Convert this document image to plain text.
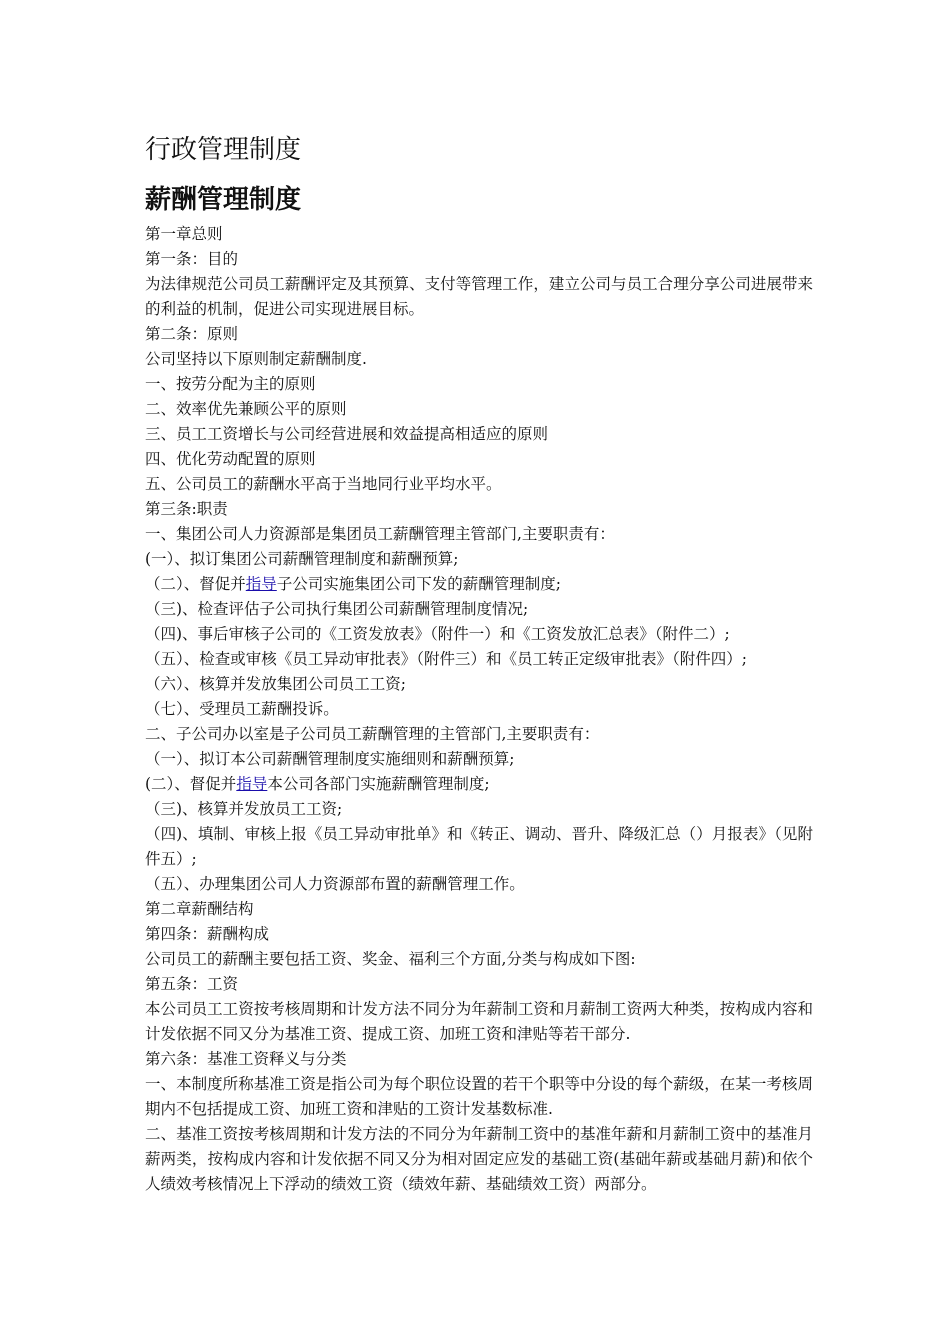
行政管理制度
薪酬管理制度

第一章总则

第一条：目的

为法律规范公司员工薪酬评定及其预算、支付等管理工作，建立公司与员工合理分享公司进展带来的利益的机制，促进公司实现进展目标。

第二条：原则

公司坚持以下原则制定薪酬制度.

一、按劳分配为主的原则

二、效率优先兼顾公平的原则

三、员工工资增长与公司经营进展和效益提高相适应的原则

四、优化劳动配置的原则

五、公司员工的薪酬水平高于当地同行业平均水平。

第三条:职责

一、集团公司人力资源部是集团员工薪酬管理主管部门,主要职责有：

(一）、拟订集团公司薪酬管理制度和薪酬预算;

（二）、督促并指导子公司实施集团公司下发的薪酬管理制度;

（三)、检查评估子公司执行集团公司薪酬管理制度情况;

（四)、事后审核子公司的《工资发放表》（附件一）和《工资发放汇总表》（附件二）;

（五）、检查或审核《员工异动审批表》（附件三）和《员工转正定级审批表》（附件四）;

（六）、核算并发放集团公司员工工资;

（七）、受理员工薪酬投诉。

二、子公司办以室是子公司员工薪酬管理的主管部门,主要职责有：

（一）、拟订本公司薪酬管理制度实施细则和薪酬预算;

(二）、督促并指导本公司各部门实施薪酬管理制度;

（三)、核算并发放员工工资;

（四)、填制、审核上报《员工异动审批单》和《转正、调动、晋升、降级汇总（）月报表》（见附件五）;

（五）、办理集团公司人力资源部布置的薪酬管理工作。

第二章薪酬结构

第四条：薪酬构成

公司员工的薪酬主要包括工资、奖金、福利三个方面,分类与构成如下图:

第五条：工资

本公司员工工资按考核周期和计发方法不同分为年薪制工资和月薪制工资两大种类，按构成内容和计发依据不同又分为基准工资、提成工资、加班工资和津贴等若干部分.

第六条：基准工资释义与分类

一、本制度所称基准工资是指公司为每个职位设置的若干个职等中分设的每个薪级，在某一考核周期内不包括提成工资、加班工资和津贴的工资计发基数标准.

二、基准工资按考核周期和计发方法的不同分为年薪制工资中的基准年薪和月薪制工资中的基准月薪两类，按构成内容和计发依据不同又分为相对固定应发的基础工资(基础年薪或基础月薪)和依个人绩效考核情况上下浮动的绩效工资（绩效年薪、基础绩效工资）两部分。
